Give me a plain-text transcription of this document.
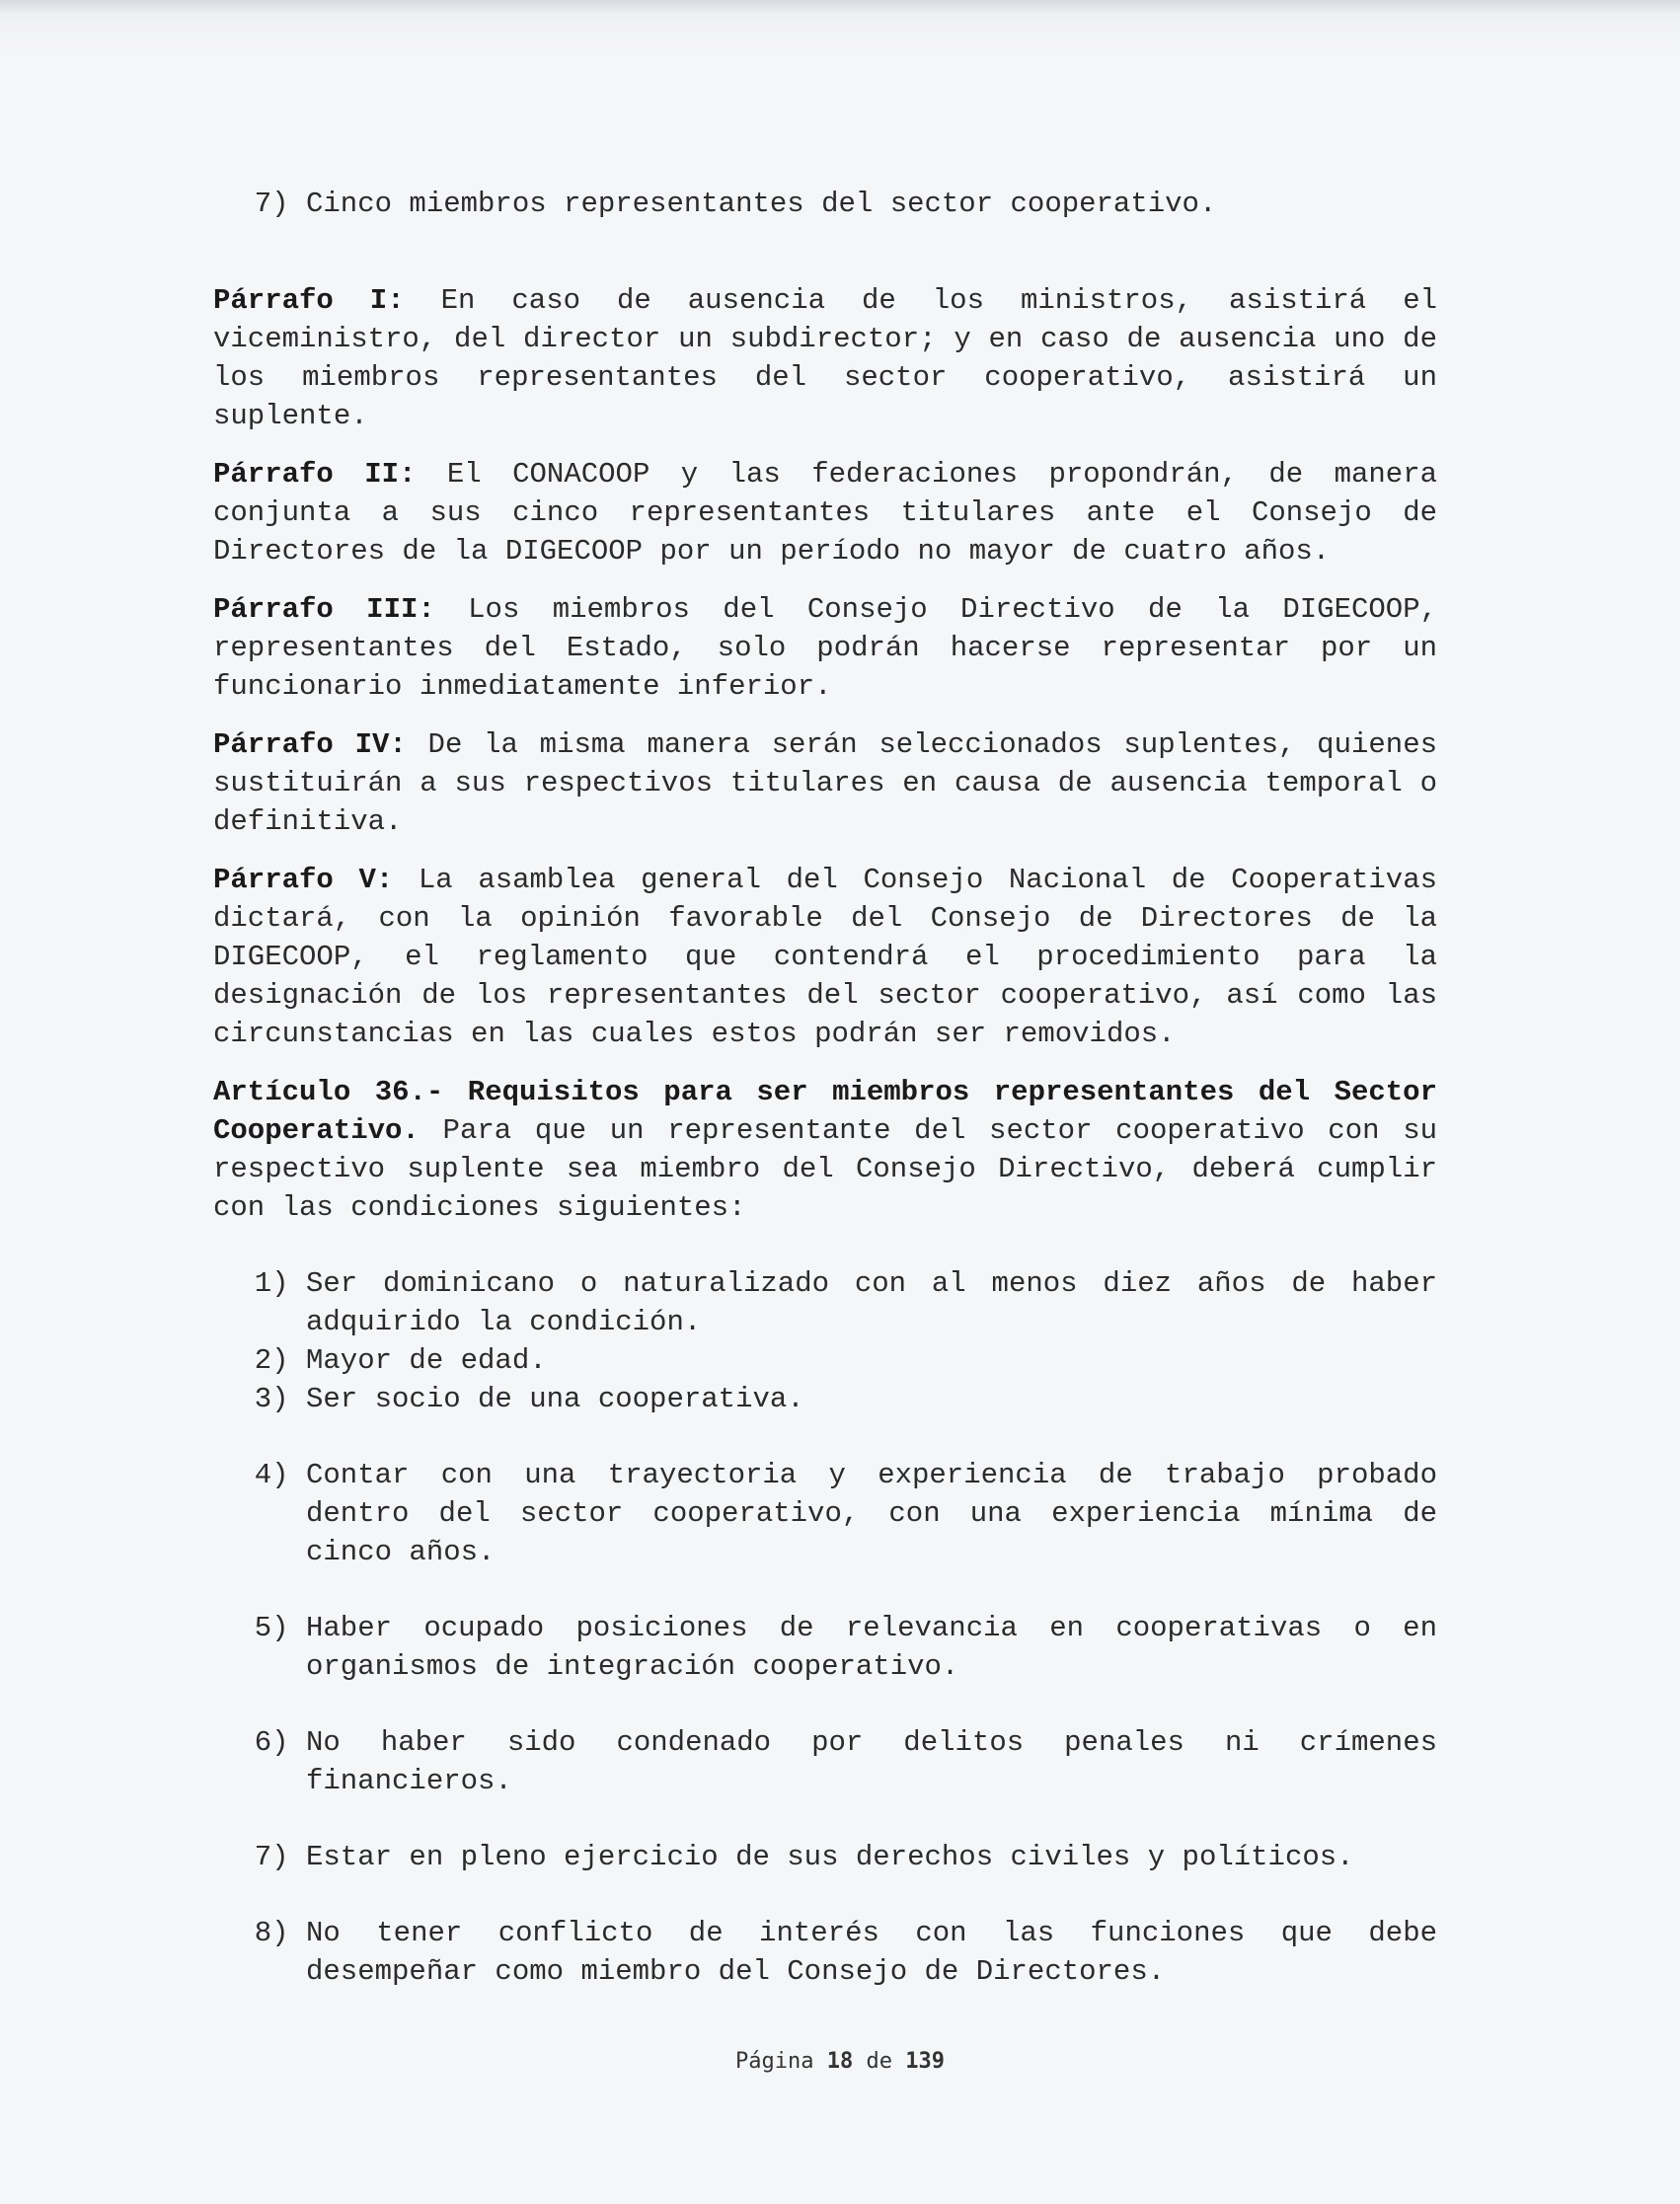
7) Cinco miembros representantes del sector cooperativo.

Párrafo I: En caso de ausencia de los ministros, asistirá el viceministro, del director un subdirector; y en caso de ausencia uno de los miembros representantes del sector cooperativo, asistirá un suplente.

Párrafo II: El CONACOOP y las federaciones propondrán, de manera conjunta a sus cinco representantes titulares ante el Consejo de Directores de la DIGECOOP por un período no mayor de cuatro años.

Párrafo III: Los miembros del Consejo Directivo de la DIGECOOP, representantes del Estado, solo podrán hacerse representar por un funcionario inmediatamente inferior.

Párrafo IV: De la misma manera serán seleccionados suplentes, quienes sustituirán a sus respectivos titulares en causa de ausencia temporal o definitiva.

Párrafo V: La asamblea general del Consejo Nacional de Cooperativas dictará, con la opinión favorable del Consejo de Directores de la DIGECOOP, el reglamento que contendrá el procedimiento para la designación de los representantes del sector cooperativo, así como las circunstancias en las cuales estos podrán ser removidos.

Artículo 36.- Requisitos para ser miembros representantes del Sector Cooperativo. Para que un representante del sector cooperativo con su respectivo suplente sea miembro del Consejo Directivo, deberá cumplir con las condiciones siguientes:

1) Ser dominicano o naturalizado con al menos diez años de haber adquirido la condición.
2) Mayor de edad.
3) Ser socio de una cooperativa.
4) Contar con una trayectoria y experiencia de trabajo probado dentro del sector cooperativo, con una experiencia mínima de cinco años.
5) Haber ocupado posiciones de relevancia en cooperativas o en organismos de integración cooperativo.
6) No haber sido condenado por delitos penales ni crímenes financieros.
7) Estar en pleno ejercicio de sus derechos civiles y políticos.
8) No tener conflicto de interés con las funciones que debe desempeñar como miembro del Consejo de Directores.
Página 18 de 139
